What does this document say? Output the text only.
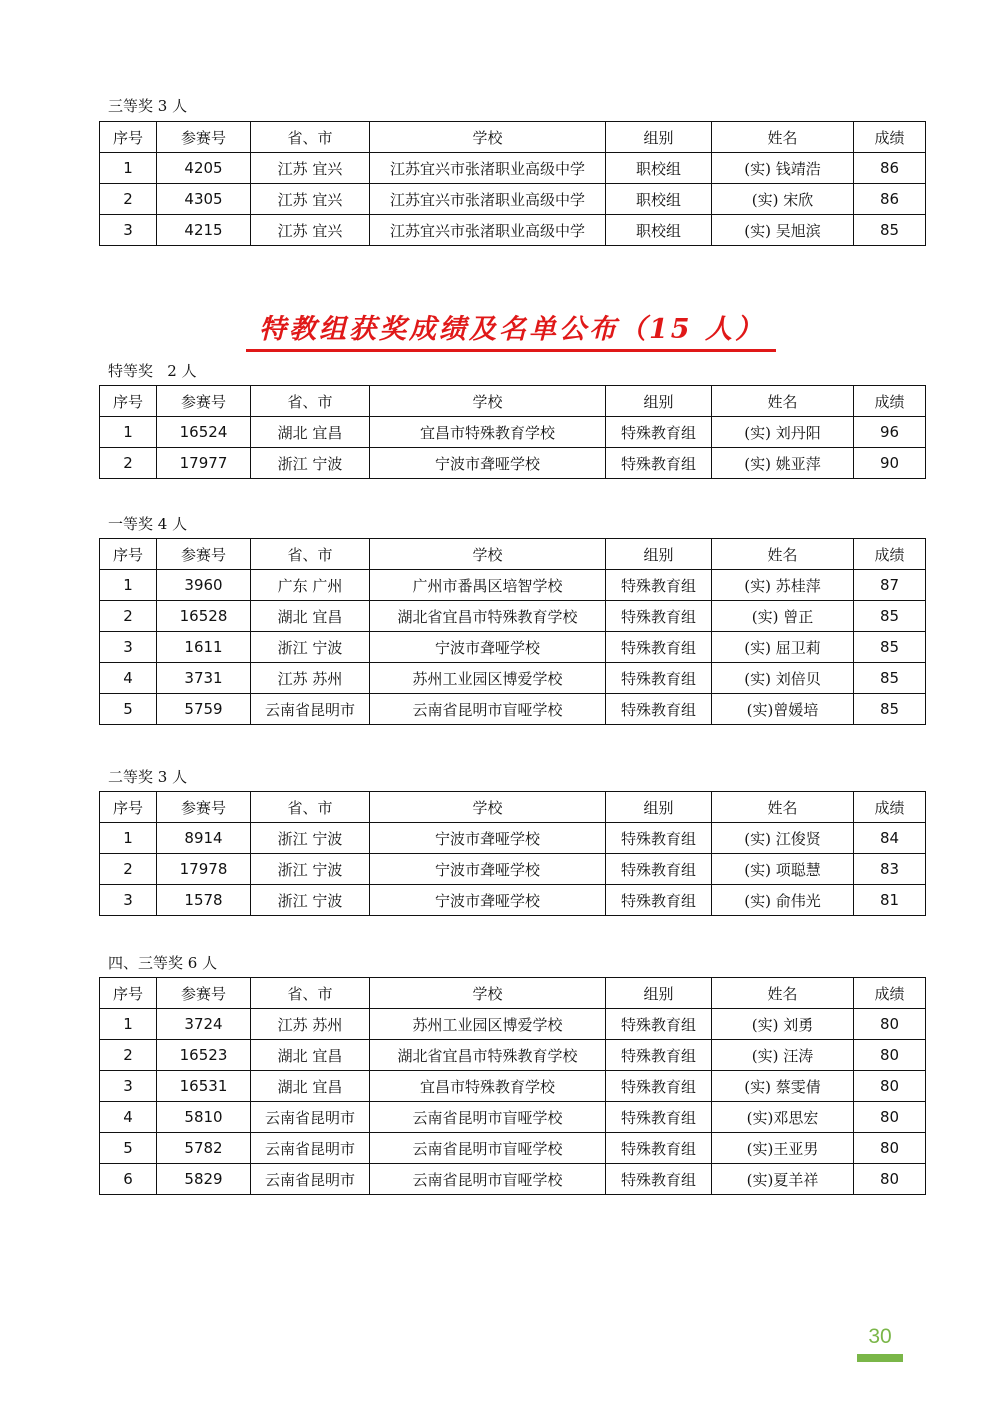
三等奖 3 人
序号	参赛号	省、市	学校	组别	姓名	成绩
1	4205	江苏 宜兴	江苏宜兴市张渚职业高级中学	职校组	(实) 钱靖浩	86
2	4305	江苏 宜兴	江苏宜兴市张渚职业高级中学	职校组	(实) 宋欣	86
3	4215	江苏 宜兴	江苏宜兴市张渚职业高级中学	职校组	(实) 吴旭滨	85
特教组获奖成绩及名单公布（15 人）
特等奖   2 人
序号	参赛号	省、市	学校	组别	姓名	成绩
1	16524	湖北 宜昌	宜昌市特殊教育学校	特殊教育组	(实) 刘丹阳	96
2	17977	浙江 宁波	宁波市聋哑学校	特殊教育组	(实) 姚亚萍	90
一等奖 4 人
序号	参赛号	省、市	学校	组别	姓名	成绩
1	3960	广东 广州	广州市番禺区培智学校	特殊教育组	(实) 苏桂萍	87
2	16528	湖北 宜昌	湖北省宜昌市特殊教育学校	特殊教育组	(实) 曾正	85
3	1611	浙江 宁波	宁波市聋哑学校	特殊教育组	(实) 屈卫莉	85
4	3731	江苏 苏州	苏州工业园区博爱学校	特殊教育组	(实) 刘倍贝	85
5	5759	云南省昆明市	云南省昆明市盲哑学校	特殊教育组	(实)曾媛培	85
二等奖 3 人
序号	参赛号	省、市	学校	组别	姓名	成绩
1	8914	浙江 宁波	宁波市聋哑学校	特殊教育组	(实) 江俊贤	84
2	17978	浙江 宁波	宁波市聋哑学校	特殊教育组	(实) 项聪慧	83
3	1578	浙江 宁波	宁波市聋哑学校	特殊教育组	(实) 俞伟光	81
四、三等奖 6 人
序号	参赛号	省、市	学校	组别	姓名	成绩
1	3724	江苏 苏州	苏州工业园区博爱学校	特殊教育组	(实) 刘勇	80
2	16523	湖北 宜昌	湖北省宜昌市特殊教育学校	特殊教育组	(实) 汪涛	80
3	16531	湖北 宜昌	宜昌市特殊教育学校	特殊教育组	(实) 蔡雯倩	80
4	5810	云南省昆明市	云南省昆明市盲哑学校	特殊教育组	(实)邓思宏	80
5	5782	云南省昆明市	云南省昆明市盲哑学校	特殊教育组	(实)王亚男	80
6	5829	云南省昆明市	云南省昆明市盲哑学校	特殊教育组	(实)夏羊祥	80
30
